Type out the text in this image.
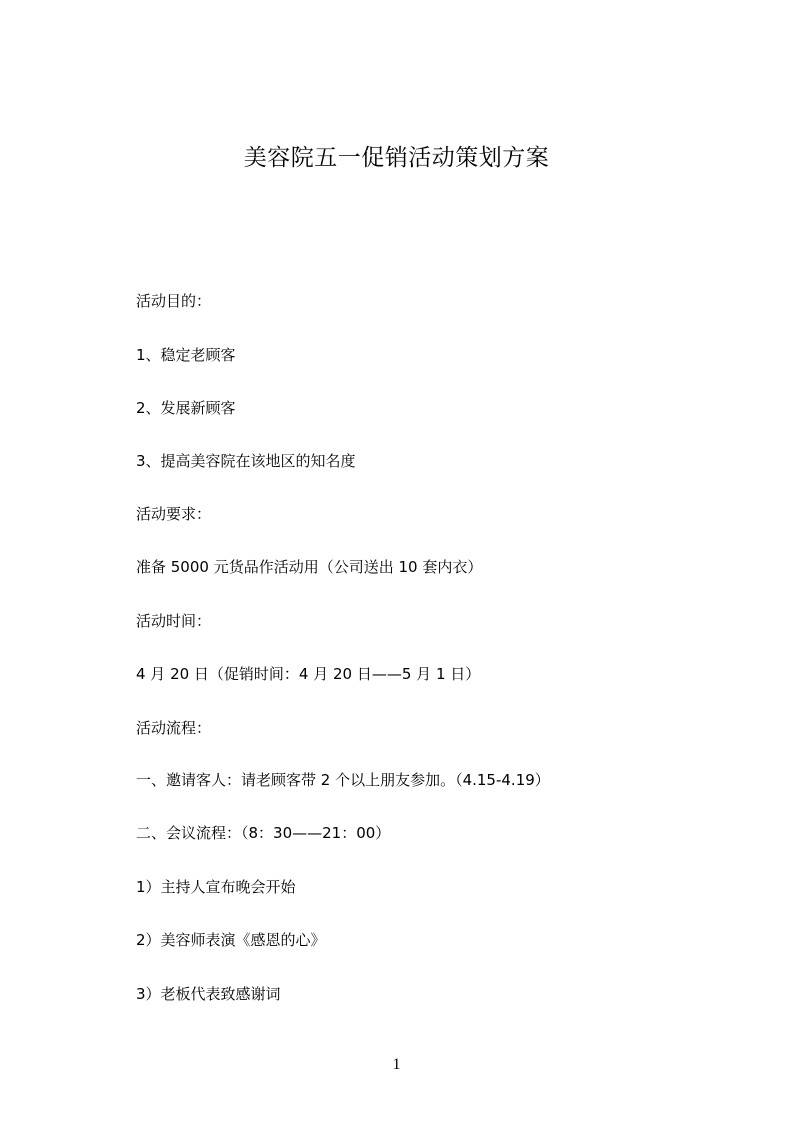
美容院五一促销活动策划方案
活动目的：
1、稳定老顾客
2、发展新顾客
3、提高美容院在该地区的知名度
活动要求：
准备 5000 元货品作活动用（公司送出 10 套内衣）
活动时间：
4 月 20 日（促销时间：4 月 20 日——5 月 1 日）
活动流程：
一、邀请客人：请老顾客带 2 个以上朋友参加。（4.15-4.19）
二、会议流程：（8：30——21：00）
1）主持人宣布晚会开始
2）美容师表演《感恩的心》
3）老板代表致感谢词
1
